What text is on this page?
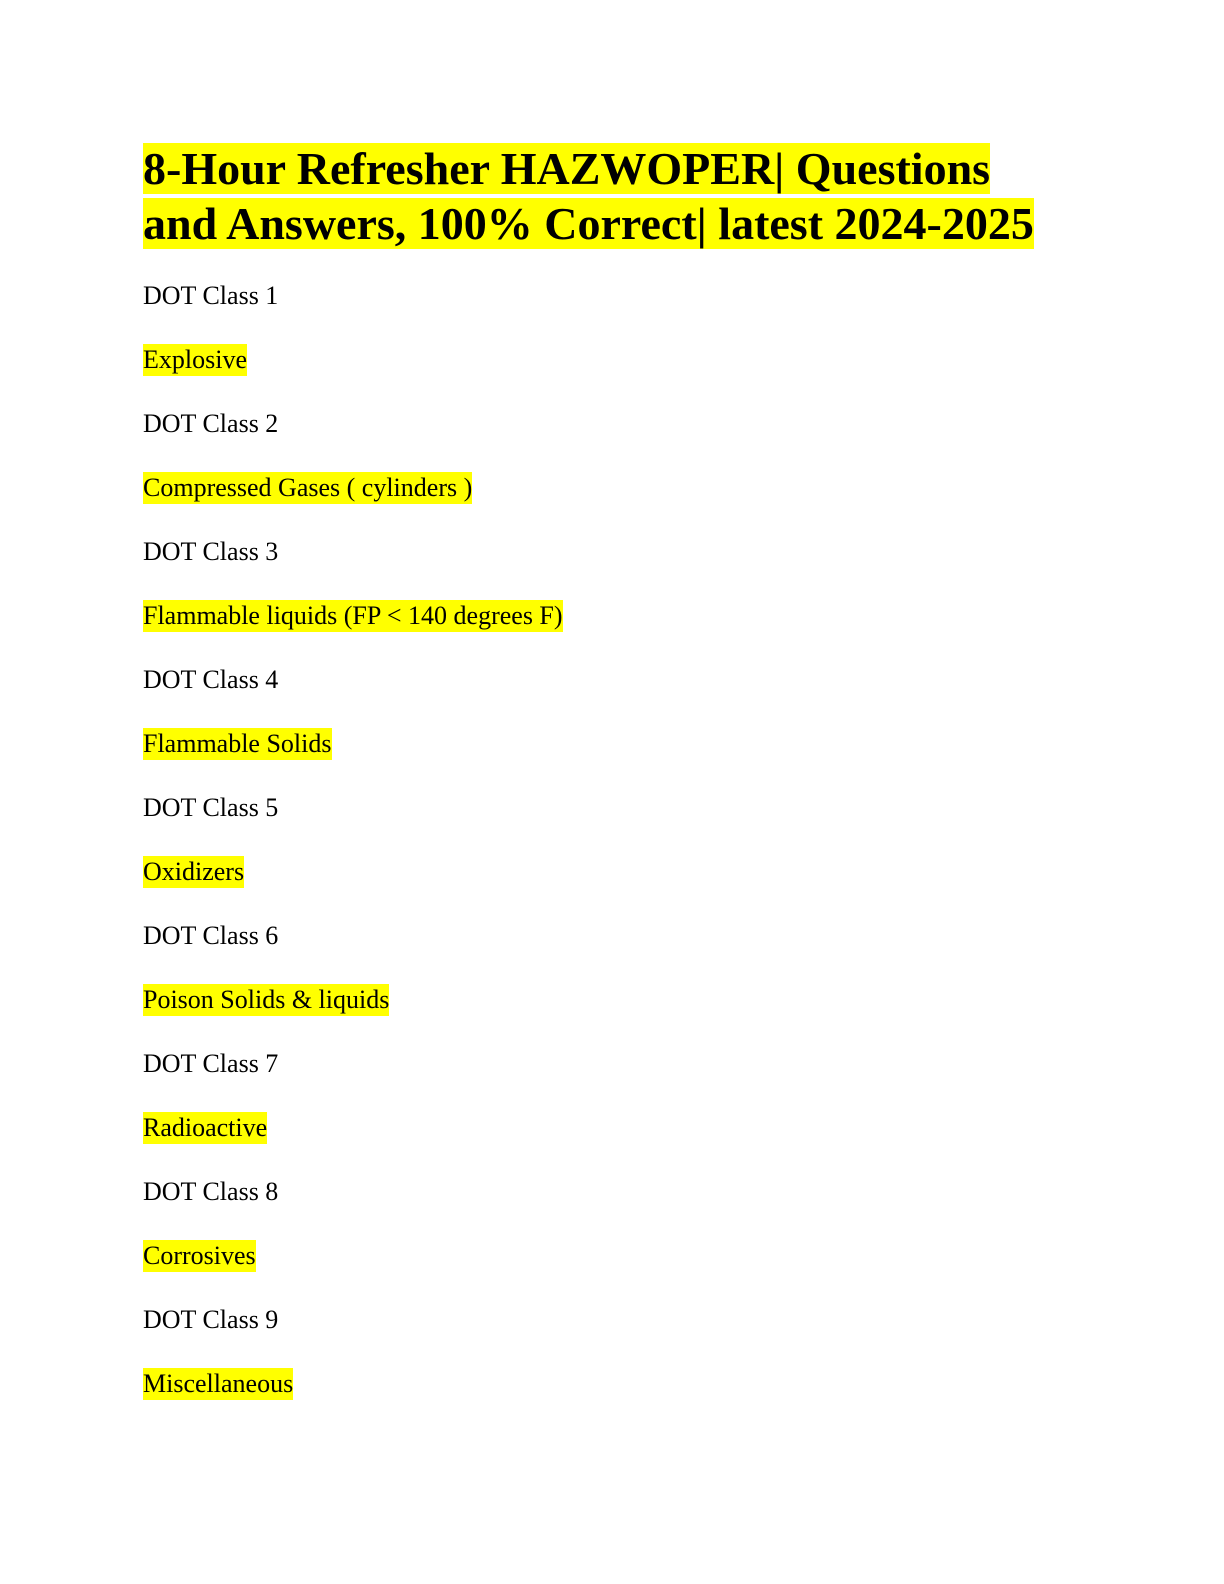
8-Hour Refresher HAZWOPER| Questions
and Answers, 100% Correct| latest 2024-2025
DOT Class 1
Explosive
DOT Class 2
Compressed Gases ( cylinders )
DOT Class 3
Flammable liquids (FP < 140 degrees F)
DOT Class 4
Flammable Solids
DOT Class 5
Oxidizers
DOT Class 6
Poison Solids & liquids
DOT Class 7
Radioactive
DOT Class 8
Corrosives
DOT Class 9
Miscellaneous
